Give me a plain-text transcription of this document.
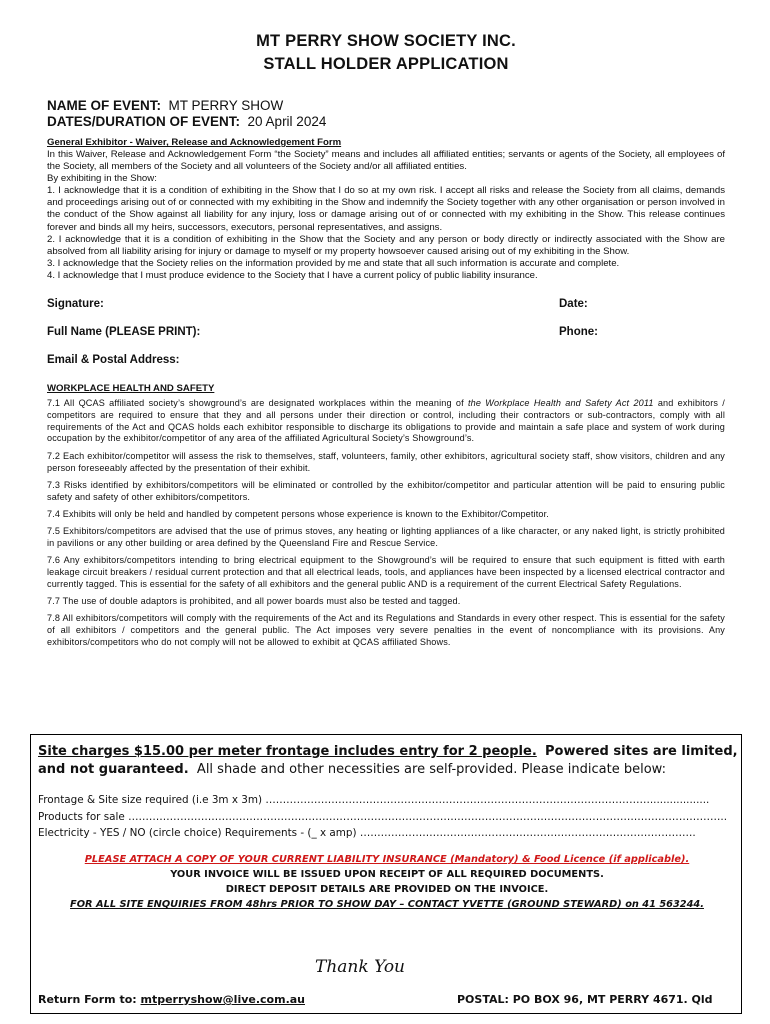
MT PERRY SHOW SOCIETY INC.
STALL HOLDER APPLICATION
NAME OF EVENT: MT PERRY SHOW
DATES/DURATION OF EVENT: 20 April 2024
General Exhibitor - Waiver, Release and Acknowledgement Form
In this Waiver, Release and Acknowledgement Form “the Society” means and includes all affiliated entities; servants or agents of the Society, all employees of the Society, all members of the Society and all volunteers of the Society and/or all affiliated entities.
By exhibiting in the Show:
1. I acknowledge that it is a condition of exhibiting in the Show that I do so at my own risk. I accept all risks and release the Society from all claims, demands and proceedings arising out of or connected with my exhibiting in the Show and indemnify the Society together with any other organisation or person involved in the conduct of the Show against all liability for any injury, loss or damage arising out of or connected with my exhibiting in the Show. This release continues forever and binds all my heirs, successors, executors, personal representatives, and assigns.
2. I acknowledge that it is a condition of exhibiting in the Show that the Society and any person or body directly or indirectly associated with the Show are absolved from all liability arising for injury or damage to myself or my property howsoever caused arising out of my exhibiting in the Show.
3. I acknowledge that the Society relies on the information provided by me and state that all such information is accurate and complete.
4. I acknowledge that I must produce evidence to the Society that I have a current policy of public liability insurance.
Signature:	Date:
Full Name (PLEASE PRINT):	Phone:
Email & Postal Address:
WORKPLACE HEALTH AND SAFETY

7.1 All QCAS affiliated society’s showground’s are designated workplaces within the meaning of the Workplace Health and Safety Act 2011 and exhibitors / competitors are required to ensure that they and all persons under their direction or control, including their contractors or sub-contractors, comply with all requirements of the Act and QCAS holds each exhibitor responsible to discharge its obligations to provide and maintain a safe place and system of work during occupation by the exhibitor/competitor of any area of the affiliated Agricultural Society’s Showground’s.

7.2 Each exhibitor/competitor will assess the risk to themselves, staff, volunteers, family, other exhibitors, agricultural society staff, show visitors, children and any person foreseeably affected by the presentation of their exhibit.

7.3 Risks identified by exhibitors/competitors will be eliminated or controlled by the exhibitor/competitor and particular attention will be paid to ensuring public safety and safety of other exhibitors/competitors.

7.4 Exhibits will only be held and handled by competent persons whose experience is known to the Exhibitor/Competitor.

7.5 Exhibitors/competitors are advised that the use of primus stoves, any heating or lighting appliances of a like character, or any naked light, is strictly prohibited in pavilions or any other building or area defined by the Queensland Fire and Rescue Service.

7.6 Any exhibitors/competitors intending to bring electrical equipment to the Showground’s will be required to ensure that such equipment is fitted with earth leakage circuit breakers / residual current protection and that all electrical leads, tools, and appliances have been inspected by a licensed electrical contractor and currently tagged. This is essential for the safety of all exhibitors and the general public AND is a requirement of the current Electrical Safety Regulations.

7.7 The use of double adaptors is prohibited, and all power boards must also be tested and tagged.

7.8 All exhibitors/competitors will comply with the requirements of the Act and its Regulations and Standards in every other respect. This is essential for the safety of all exhibitors / competitors and the general public. The Act imposes very severe penalties in the event of noncompliance with its provisions. Any exhibitors/competitors who do not comply will not be allowed to exhibit at QCAS affiliated Shows.

Site charges $15.00 per meter frontage includes entry for 2 people. Powered sites are limited, and not guaranteed. All shade and other necessities are self-provided. Please indicate below:
Frontage & Site size required (i.e 3m x 3m) …………………………………………………………………………………………………..................
Products for sale ………………………………………………………………………………………………………………………………………………………..
Electricity - YES / NO (circle choice) Requirements - (_ x amp) …………………………………………………………………………………….
PLEASE ATTACH A COPY OF YOUR CURRENT LIABILITY INSURANCE (Mandatory) & Food Licence (if applicable).
YOUR INVOICE WILL BE ISSUED UPON RECEIPT OF ALL REQUIRED DOCUMENTS.
DIRECT DEPOSIT DETAILS ARE PROVIDED ON THE INVOICE.
FOR ALL SITE ENQUIRIES FROM 48hrs PRIOR TO SHOW DAY – CONTACT YVETTE (GROUND STEWARD) on 41 563244.
Thank You
Return Form to: mtperryshow@live.com.au	POSTAL: PO BOX 96, MT PERRY 4671. Qld
